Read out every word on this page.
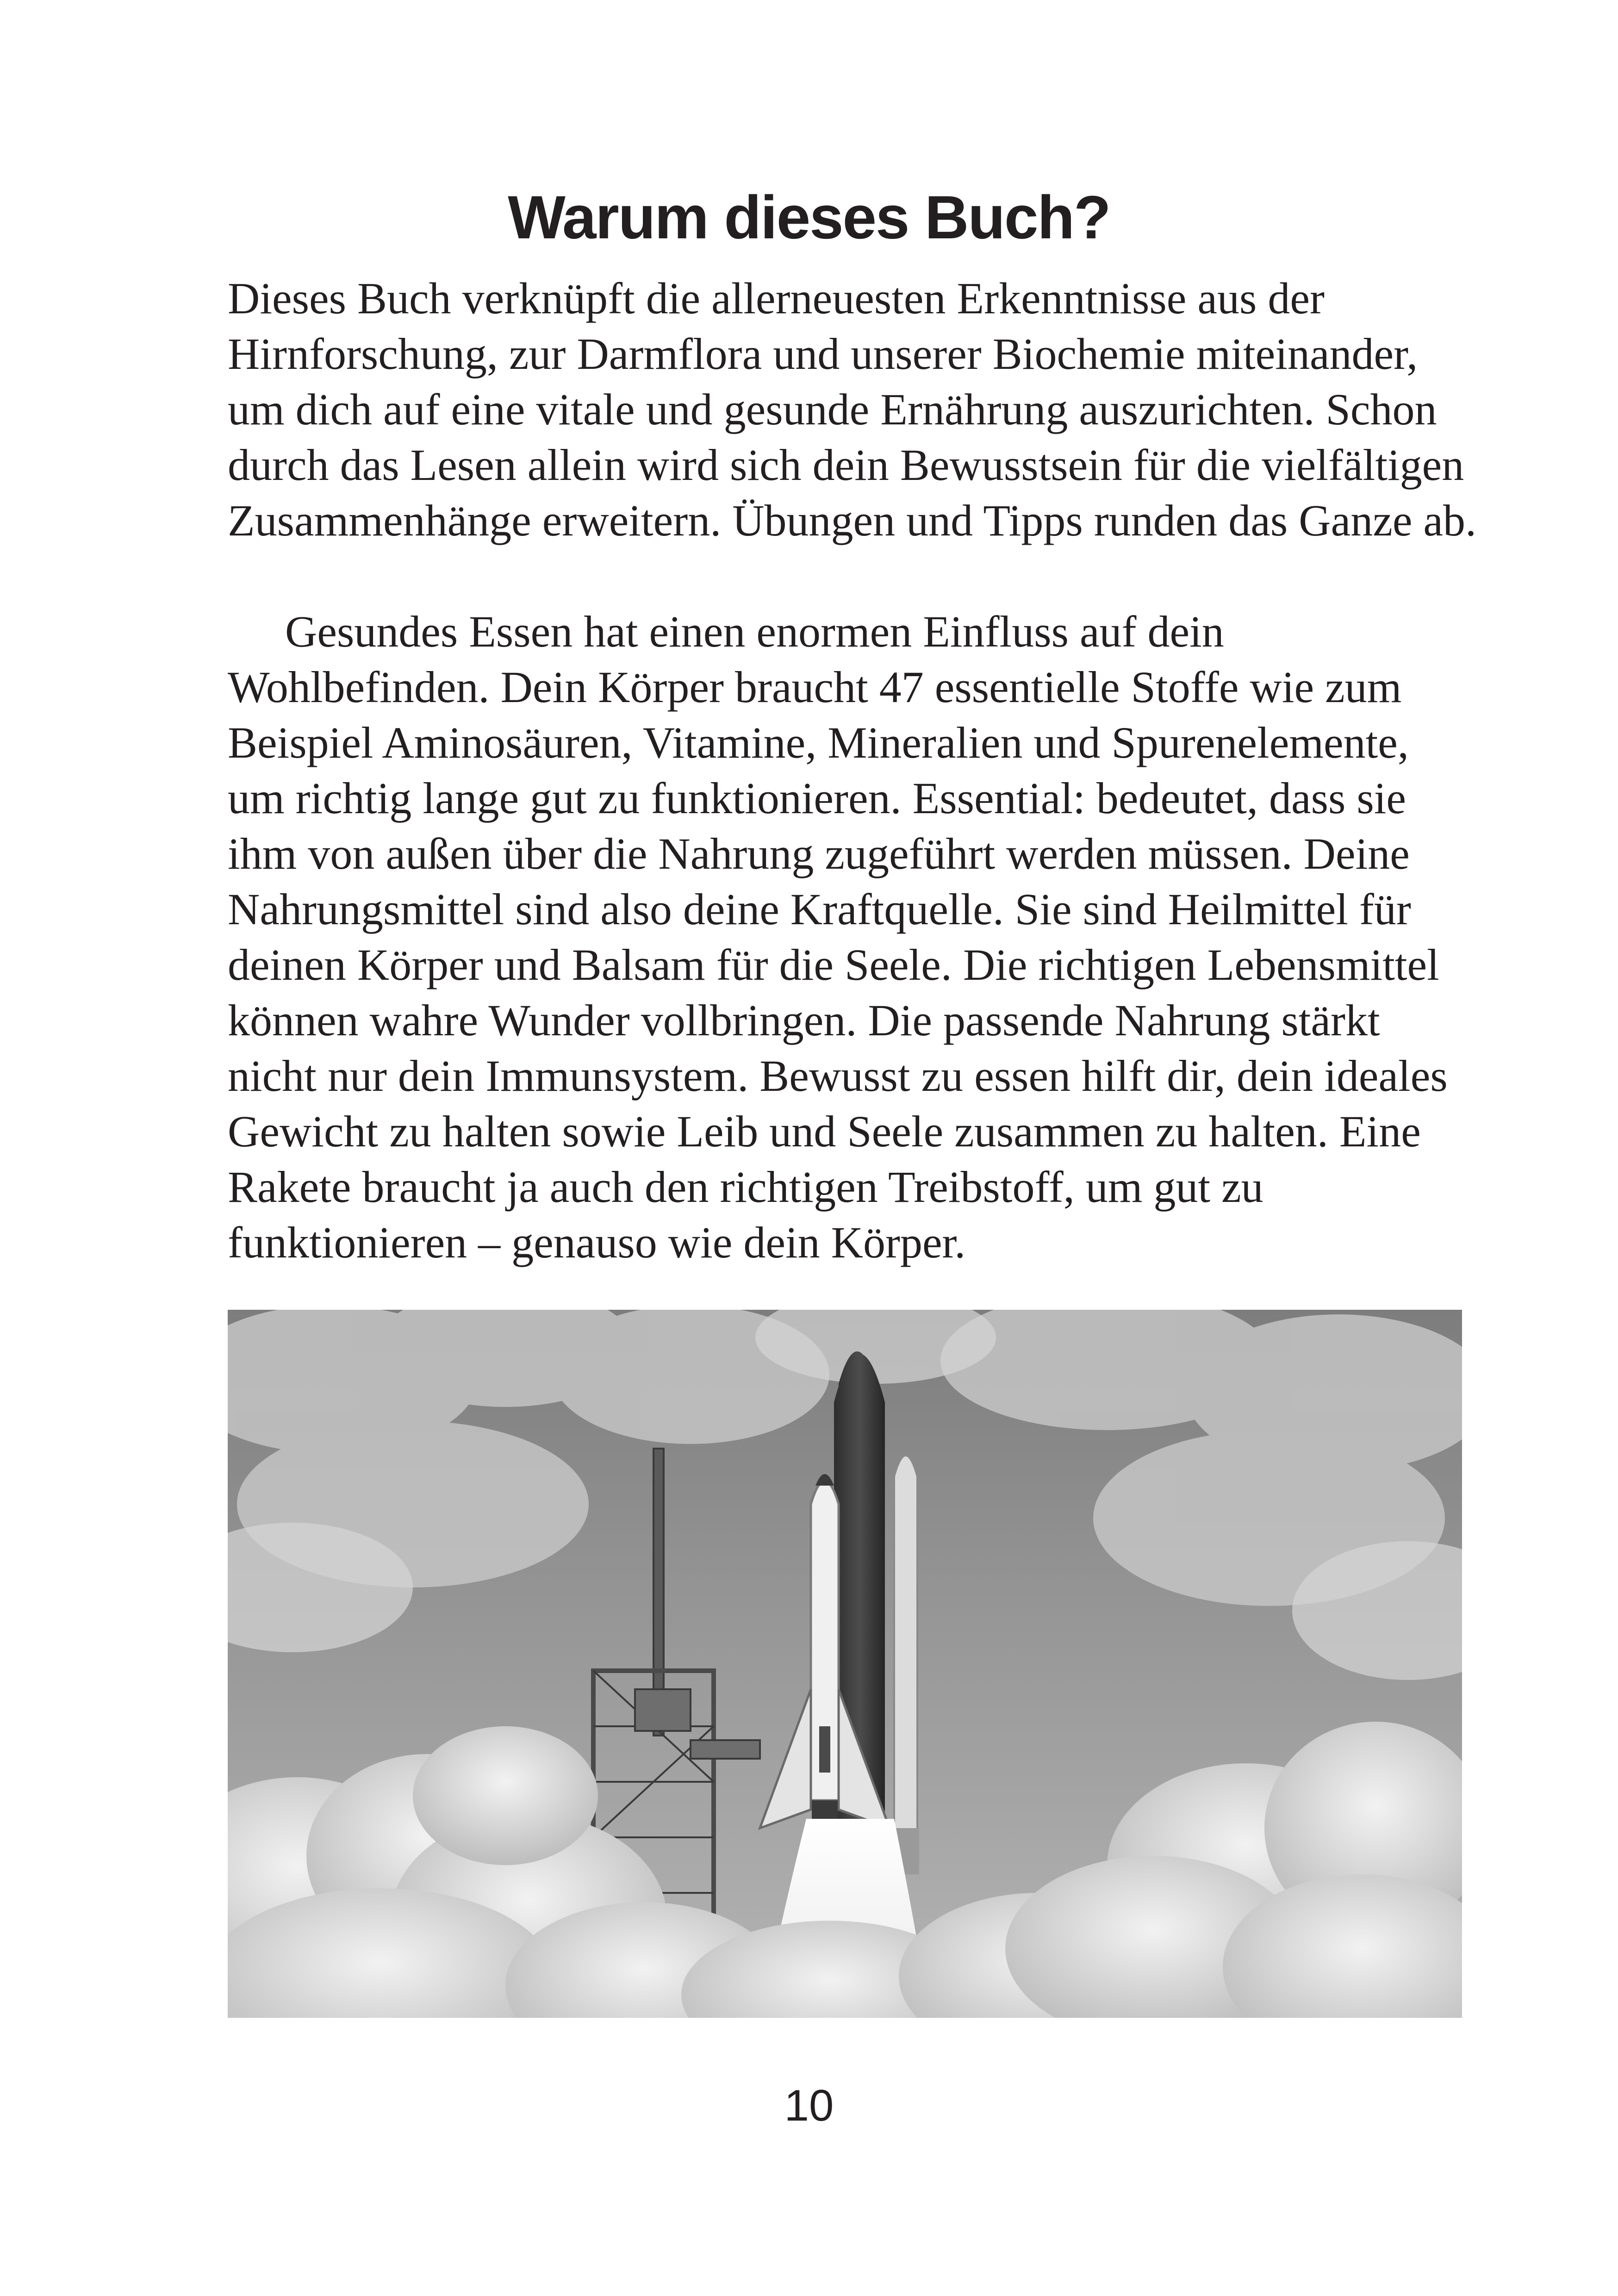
Warum dieses Buch?

Dieses Buch verknüpft die allerneuesten Erkenntnisse aus der
Hirnforschung, zur Darmflora und unserer Biochemie miteinander,
um dich auf eine vitale und gesunde Ernährung auszurichten. Schon
durch das Lesen allein wird sich dein Bewusstsein für die vielfältigen
Zusammenhänge erweitern. Übungen und Tipps runden das Ganze ab.

Gesundes Essen hat einen enormen Einfluss auf dein
Wohlbefinden. Dein Körper braucht 47 essentielle Stoffe wie zum
Beispiel Aminosäuren, Vitamine, Mineralien und Spurenelemente,
um richtig lange gut zu funktionieren. Essential: bedeutet, dass sie
ihm von außen über die Nahrung zugeführt werden müssen. Deine
Nahrungsmittel sind also deine Kraftquelle. Sie sind Heilmittel für
deinen Körper und Balsam für die Seele. Die richtigen Lebensmittel
können wahre Wunder vollbringen. Die passende Nahrung stärkt
nicht nur dein Immunsystem. Bewusst zu essen hilft dir, dein ideales
Gewicht zu halten sowie Leib und Seele zusammen zu halten. Eine
Rakete braucht ja auch den richtigen Treibstoff, um gut zu
funktionieren – genauso wie dein Körper.

10
